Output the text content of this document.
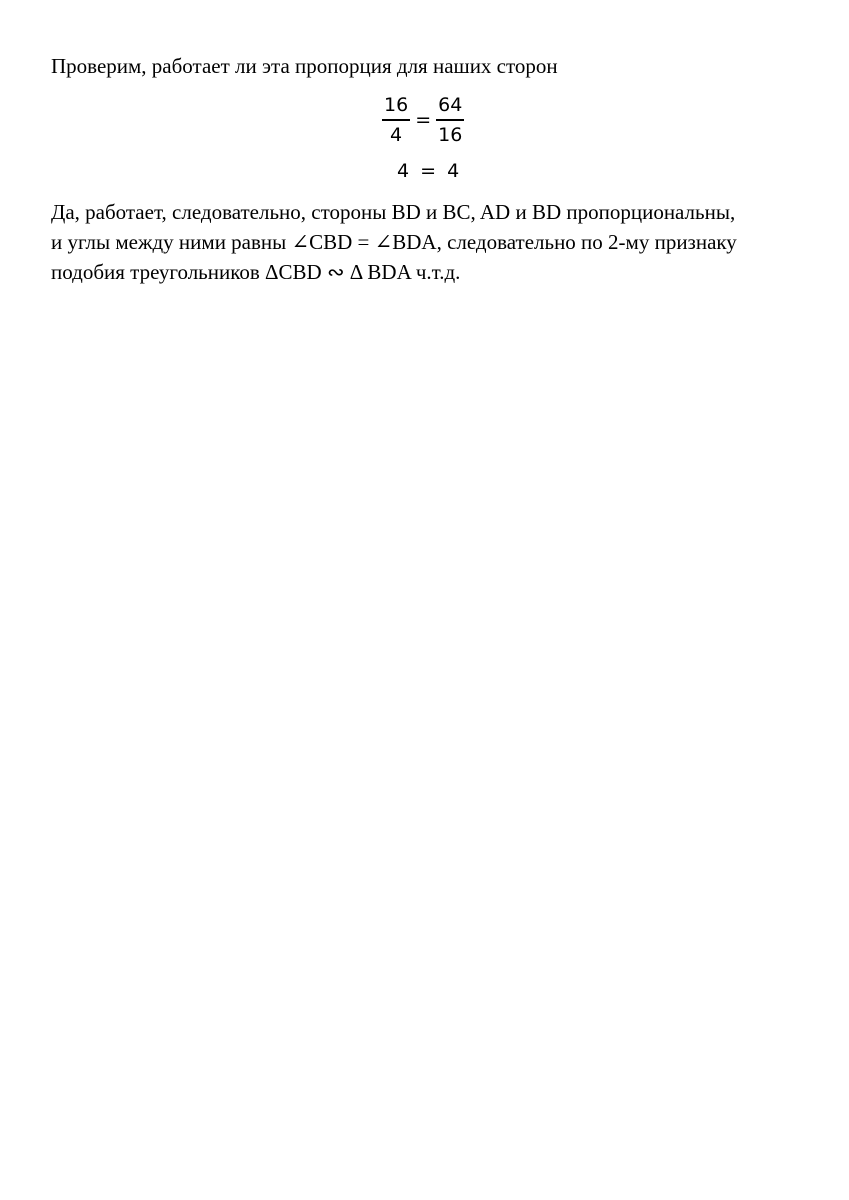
Проверим, работает ли эта пропорция для наших сторон
$\frac{16}{4} = \frac{64}{16}$
4 = 4
Да, работает, следовательно, стороны BD и BC, AD и BD пропорциональны,
и углы между ними равны ∠CBD = ∠BDA, следовательно по 2-му признаку
подобия треугольников ΔCBD ∾ Δ BDA ч.т.д.
